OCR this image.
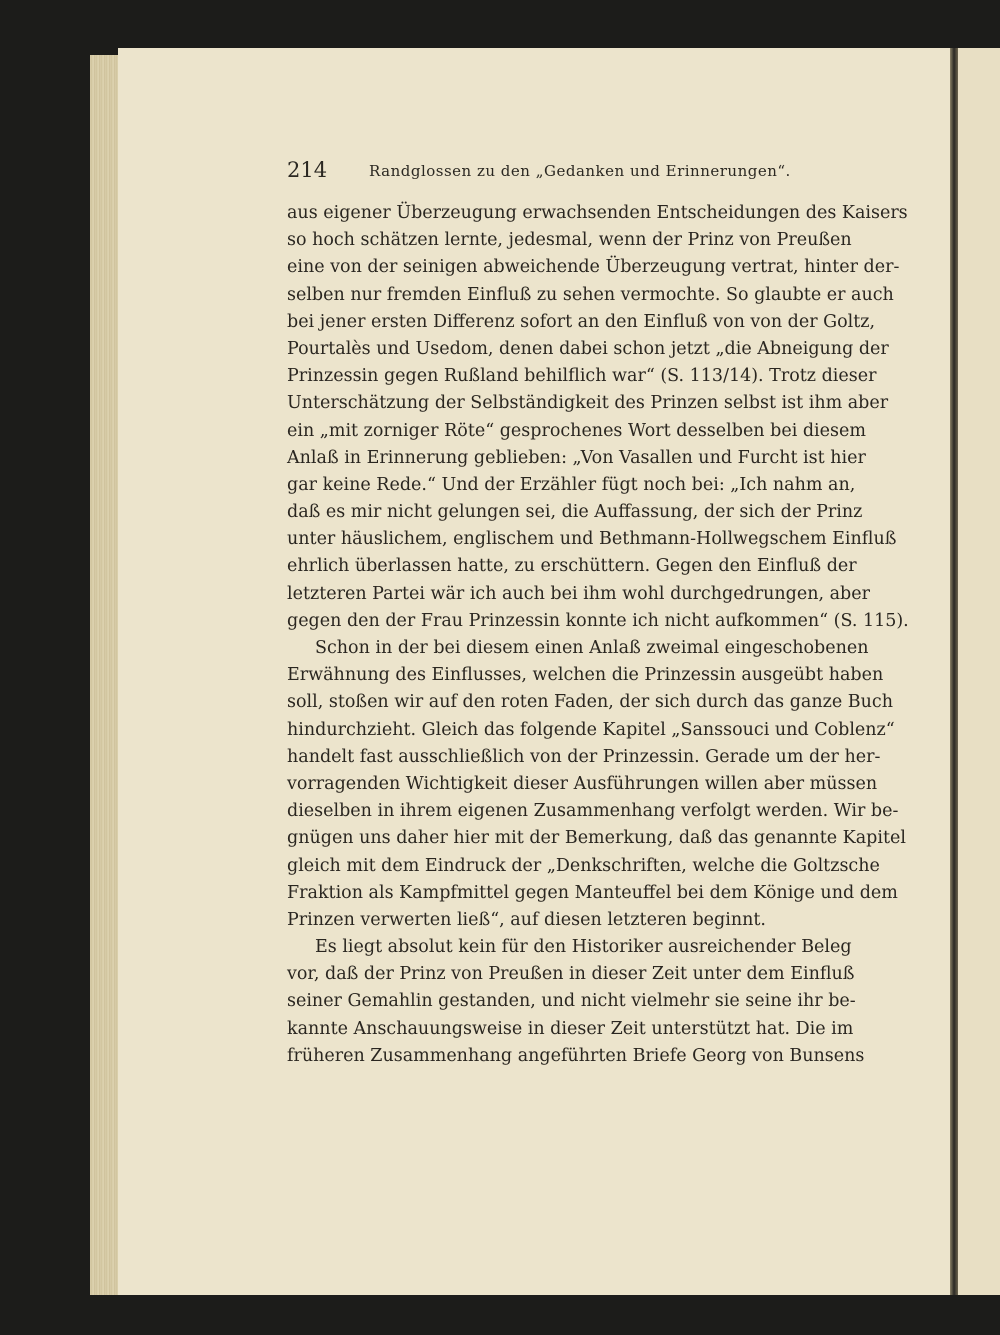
214	Randglossen zu den „Gedanken und Erinnerungen“.
aus eigener Überzeugung erwachsenden Entscheidungen des Kaisers
so hoch schätzen lernte, jedesmal, wenn der Prinz von Preußen
eine von der seinigen abweichende Überzeugung vertrat, hinter der-
selben nur fremden Einfluß zu sehen vermochte. So glaubte er auch
bei jener ersten Differenz sofort an den Einfluß von von der Goltz,
Pourtalès und Usedom, denen dabei schon jetzt „die Abneigung der
Prinzessin gegen Rußland behilflich war“ (S. 113/14). Trotz dieser
Unterschätzung der Selbständigkeit des Prinzen selbst ist ihm aber
ein „mit zorniger Röte“ gesprochenes Wort desselben bei diesem
Anlaß in Erinnerung geblieben: „Von Vasallen und Furcht ist hier
gar keine Rede.“ Und der Erzähler fügt noch bei: „Ich nahm an,
daß es mir nicht gelungen sei, die Auffassung, der sich der Prinz
unter häuslichem, englischem und Bethmann-Hollwegschem Einfluß
ehrlich überlassen hatte, zu erschüttern. Gegen den Einfluß der
letzteren Partei wär ich auch bei ihm wohl durchgedrungen, aber
gegen den der Frau Prinzessin konnte ich nicht aufkommen“ (S. 115).
Schon in der bei diesem einen Anlaß zweimal eingeschobenen
Erwähnung des Einflusses, welchen die Prinzessin ausgeübt haben
soll, stoßen wir auf den roten Faden, der sich durch das ganze Buch
hindurchzieht. Gleich das folgende Kapitel „Sanssouci und Coblenz“
handelt fast ausschließlich von der Prinzessin. Gerade um der her-
vorragenden Wichtigkeit dieser Ausführungen willen aber müssen
dieselben in ihrem eigenen Zusammenhang verfolgt werden. Wir be-
gnügen uns daher hier mit der Bemerkung, daß das genannte Kapitel
gleich mit dem Eindruck der „Denkschriften, welche die Goltzsche
Fraktion als Kampfmittel gegen Manteuffel bei dem Könige und dem
Prinzen verwerten ließ“, auf diesen letzteren beginnt.
Es liegt absolut kein für den Historiker ausreichender Beleg
vor, daß der Prinz von Preußen in dieser Zeit unter dem Einfluß
seiner Gemahlin gestanden, und nicht vielmehr sie seine ihr be-
kannte Anschauungsweise in dieser Zeit unterstützt hat. Die im
früheren Zusammenhang angeführten Briefe Georg von Bunsens
